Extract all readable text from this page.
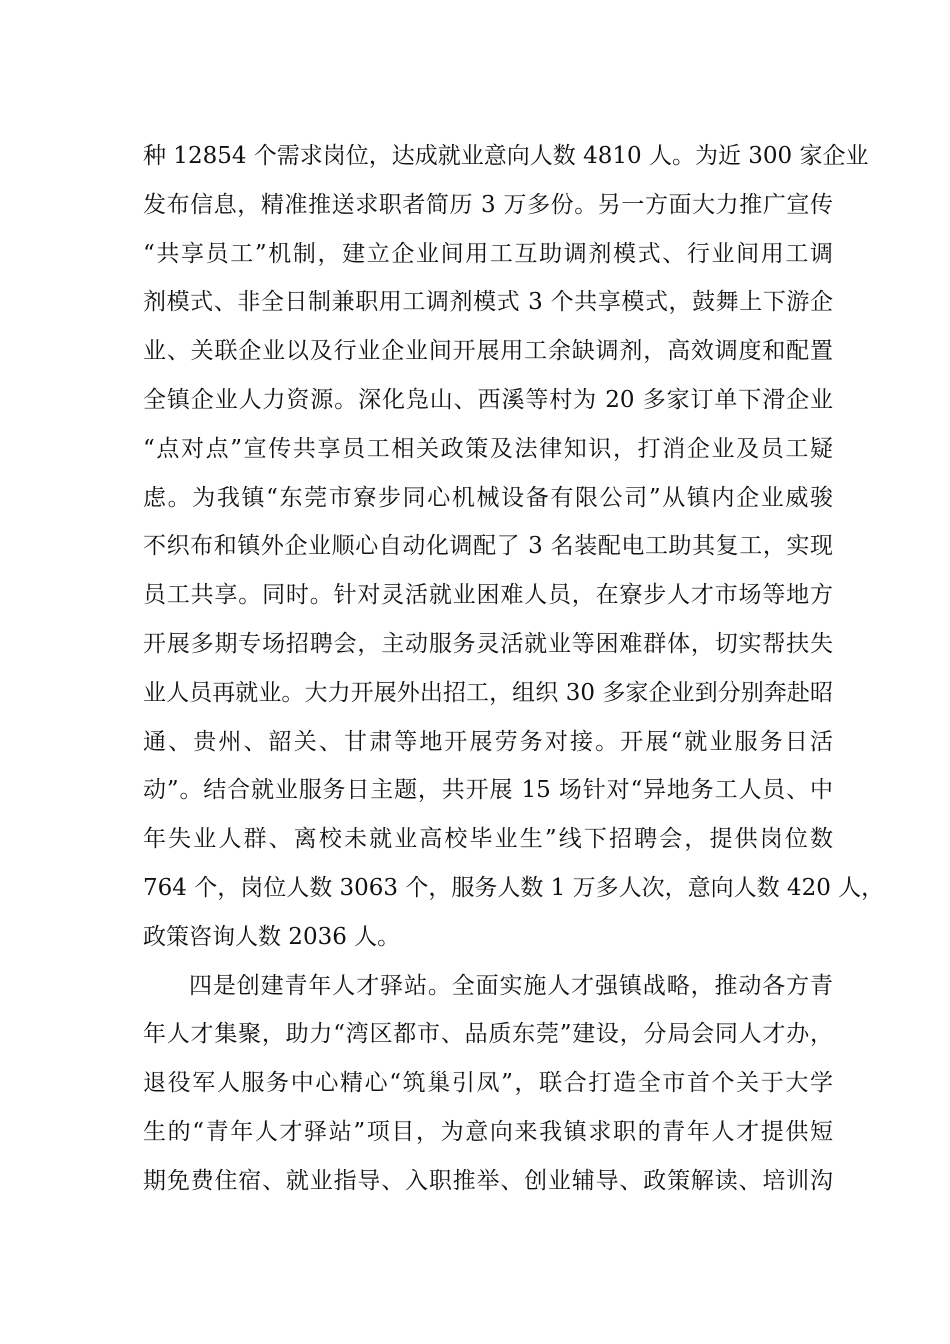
种 12854 个需求岗位，达成就业意向人数 4810 人。为近 300 家企业
发布信息，精准推送求职者简历 3 万多份。另一方面大力推广宣传
“共享员工”机制，建立企业间用工互助调剂模式、行业间用工调
剂模式、非全日制兼职用工调剂模式 3 个共享模式，鼓舞上下游企
业、关联企业以及行业企业间开展用工余缺调剂，高效调度和配置
全镇企业人力资源。深化凫山、西溪等村为 20 多家订单下滑企业
“点对点”宣传共享员工相关政策及法律知识，打消企业及员工疑
虑。为我镇“东莞市寮步同心机械设备有限公司”从镇内企业威骏
不织布和镇外企业顺心自动化调配了 3 名装配电工助其复工，实现
员工共享。同时。针对灵活就业困难人员，在寮步人才市场等地方
开展多期专场招聘会，主动服务灵活就业等困难群体，切实帮扶失
业人员再就业。大力开展外出招工，组织 30 多家企业到分别奔赴昭
通、贵州、韶关、甘肃等地开展劳务对接。开展“就业服务日活
动”。结合就业服务日主题，共开展 15 场针对“异地务工人员、中
年失业人群、离校未就业高校毕业生”线下招聘会，提供岗位数
764 个，岗位人数 3063 个，服务人数 1 万多人次，意向人数 420 人，
政策咨询人数 2036 人。
四是创建青年人才驿站。全面实施人才强镇战略，推动各方青
年人才集聚，助力“湾区都市、品质东莞”建设，分局会同人才办，
退役军人服务中心精心“筑巢引凤”，联合打造全市首个关于大学
生的“青年人才驿站”项目，为意向来我镇求职的青年人才提供短
期免费住宿、就业指导、入职推举、创业辅导、政策解读、培训沟
